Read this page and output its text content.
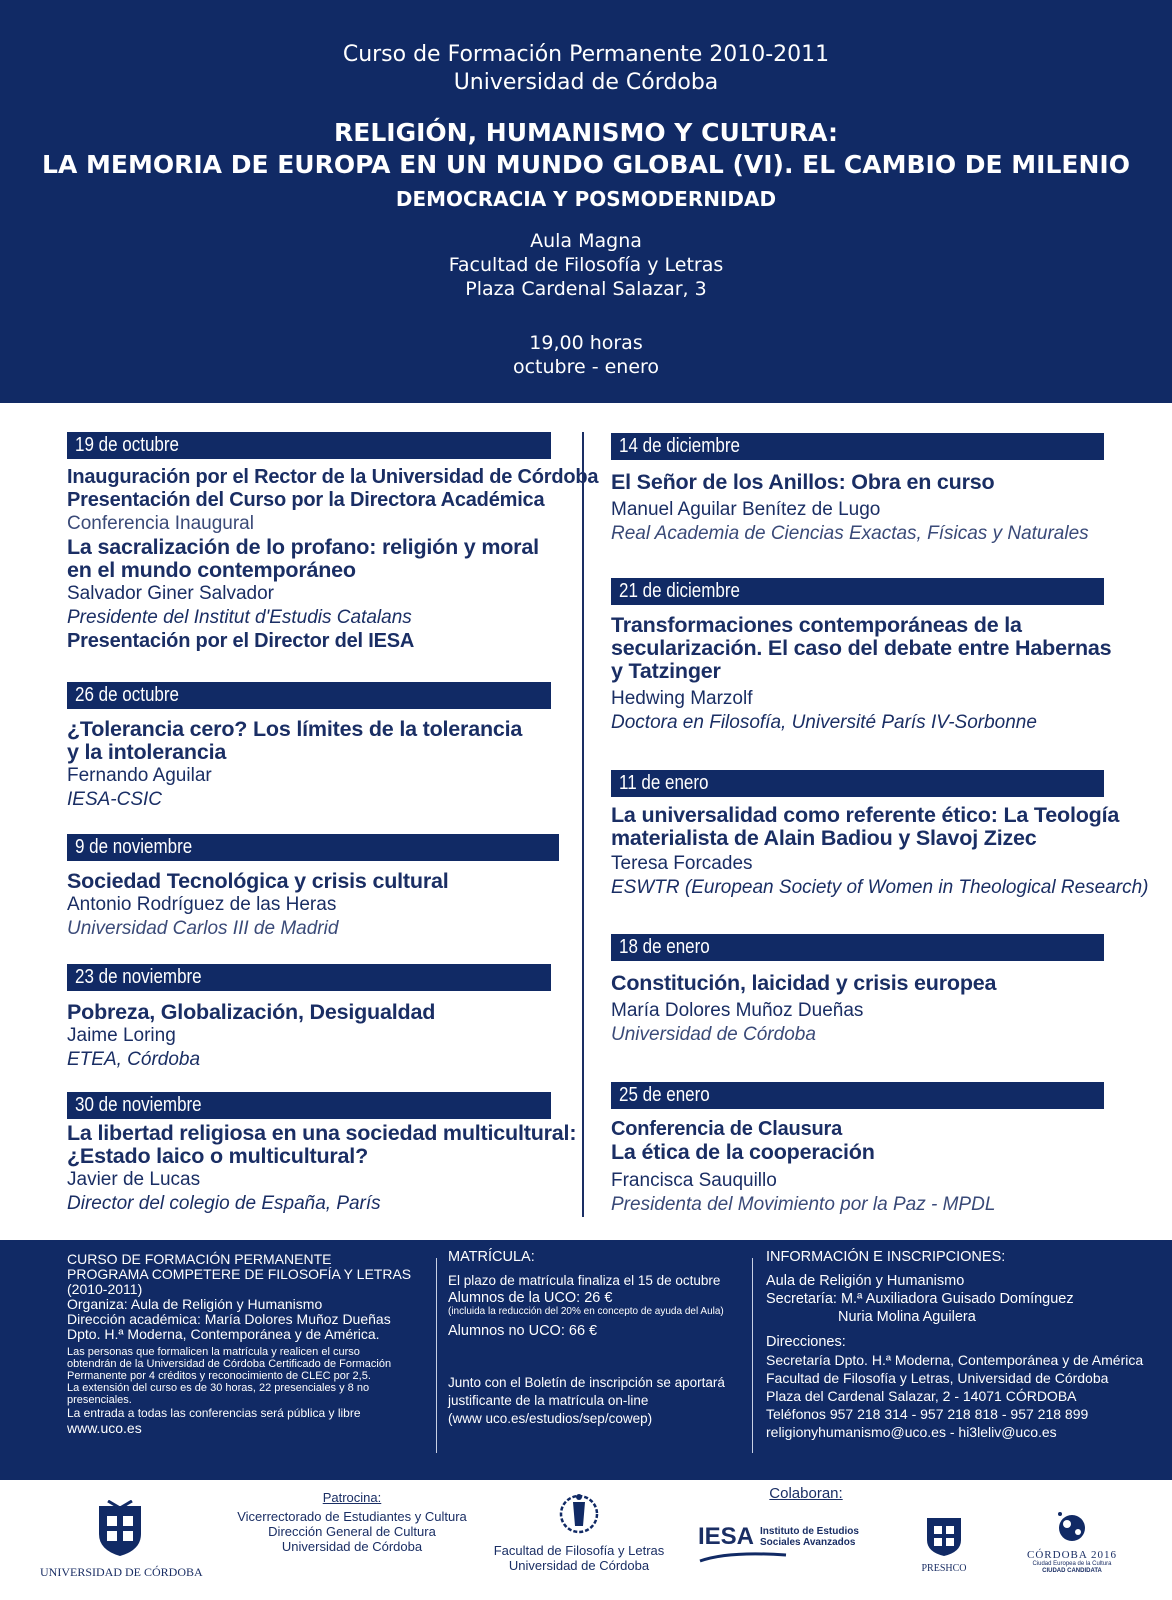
Curso de Formación Permanente 2010-2011
Universidad de Córdoba
RELIGIÓN, HUMANISMO Y CULTURA:
LA MEMORIA DE EUROPA EN UN MUNDO GLOBAL (VI). EL CAMBIO DE MILENIO
DEMOCRACIA Y POSMODERNIDAD
Aula Magna
Facultad de Filosofía y Letras
Plaza Cardenal Salazar, 3
19,00 horas
octubre - enero
19 de octubre
Inauguración por el Rector de la Universidad de Córdoba
Presentación del Curso por la Directora Académica
Conferencia Inaugural
La sacralización de lo profano: religión y moral
en el mundo contemporáneo
Salvador Giner Salvador
Presidente del Institut d'Estudis Catalans
Presentación por el Director del IESA
26 de octubre
¿Tolerancia cero? Los límites de la tolerancia
y la intolerancia
Fernando Aguilar
IESA-CSIC
9 de noviembre
Sociedad Tecnológica y crisis cultural
Antonio Rodríguez de las Heras
Universidad Carlos III de Madrid
23 de noviembre
Pobreza, Globalización, Desigualdad
Jaime Loring
ETEA, Córdoba
30 de noviembre
La libertad religiosa en una sociedad multicultural:
¿Estado laico o multicultural?
Javier de Lucas
Director del colegio de España, París
14 de diciembre
El Señor de los Anillos: Obra en curso
Manuel Aguilar Benítez de Lugo
Real Academia de Ciencias Exactas, Físicas y Naturales
21 de diciembre
Transformaciones contemporáneas de la
secularización. El caso del debate entre Habernas
y Tatzinger
Hedwing Marzolf
Doctora en Filosofía, Université París IV-Sorbonne
11 de enero
La universalidad como referente ético: La Teología
materialista de Alain Badiou y Slavoj Zizec
Teresa Forcades
ESWTR (European Society of Women in Theological Research)
18 de enero
Constitución, laicidad y crisis europea
María Dolores Muñoz Dueñas
Universidad de Córdoba
25 de enero
Conferencia de Clausura
La ética de la cooperación
Francisca Sauquillo
Presidenta del Movimiento por la Paz - MPDL
CURSO DE FORMACIÓN PERMANENTE
PROGRAMA COMPETERE DE FILOSOFÍA Y LETRAS
(2010-2011)
Organiza: Aula de Religión y Humanismo
Dirección académica: María Dolores Muñoz Dueñas
Dpto. H.ª Moderna, Contemporánea y de América.
Las personas que formalicen la matrícula y realicen el curso
obtendrán de la Universidad de Córdoba Certificado de Formación
Permanente por 4 créditos y reconocimiento de CLEC por 2,5.
La extensión del curso es de 30 horas, 22 presenciales y 8 no
presenciales.
La entrada a todas las conferencias será pública y libre
www.uco.es
MATRÍCULA:
El plazo de matrícula finaliza el 15 de octubre
Alumnos de la UCO: 26 €
(incluida la reducción del 20% en concepto de ayuda del Aula)
Alumnos no UCO: 66 €
Junto con el Boletín de inscripción se aportará
justificante de la matrícula on-line
(www uco.es/estudios/sep/cowep)
INFORMACIÓN E INSCRIPCIONES:
Aula de Religión y Humanismo
Secretaría: M.ª Auxiliadora Guisado Domínguez
Nuria Molina Aguilera
Direcciones:
Secretaría Dpto. H.ª Moderna, Contemporánea y de América
Facultad de Filosofía y Letras, Universidad de Córdoba
Plaza del Cardenal Salazar, 2 - 14071 CÓRDOBA
Teléfonos 957 218 314 - 957 218 818 - 957 218 899
religionyhumanismo@uco.es - hi3leliv@uco.es
UNIVERSIDAD DE CÓRDOBA
Patrocina:
Vicerrectorado de Estudiantes y Cultura
Dirección General de Cultura
Universidad de Córdoba	Facultad de Filosofía y Letras
Universidad de Córdoba
Colaboran:
IESA Instituto de Estudios
Sociales Avanzados
PRESHCO
CÓRDOBA 2016
Ciudad Europea de la Cultura
CIUDAD CANDIDATA
